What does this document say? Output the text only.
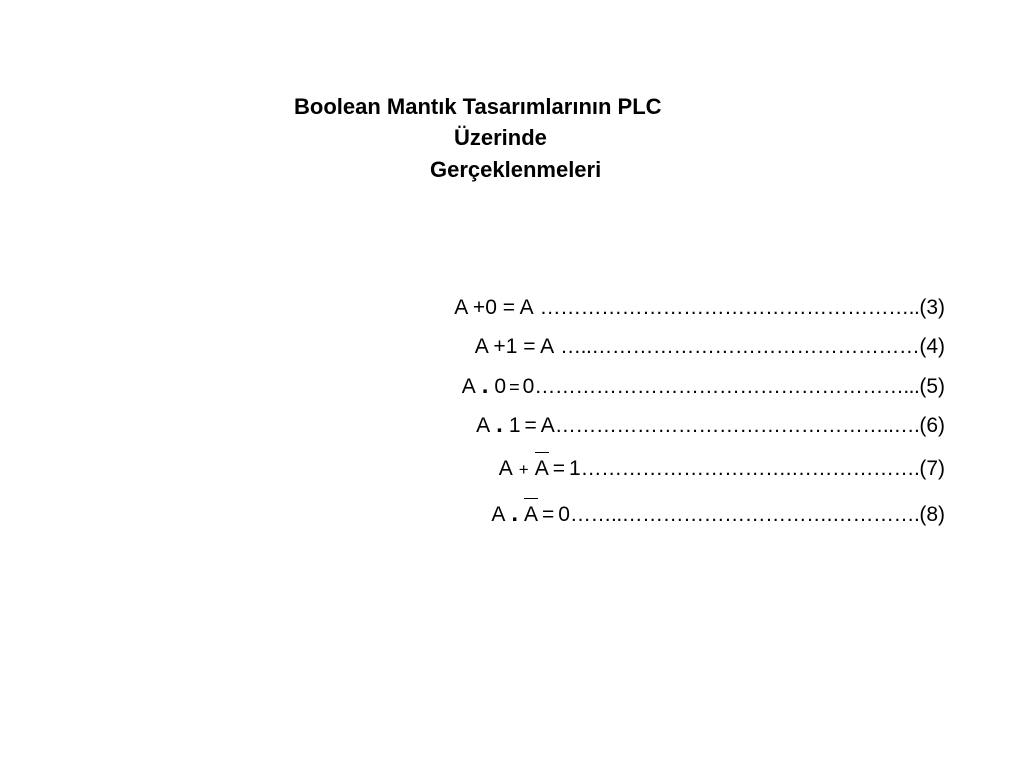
Boolean Mantık Tasarımlarının PLC
Üzerinde
Gerçeklenmeleri
A +0 = A ……………………………………………….. (3)
A +1 = A …..………………………………………… (4)
A . 0 = 0 ………………………………………………... (5)
A . 1 = A …………………………………………..…. (6)
A + A = 1 ………………………….………………. (7)
A . A = 0 ……..………………………….…………. (8)
